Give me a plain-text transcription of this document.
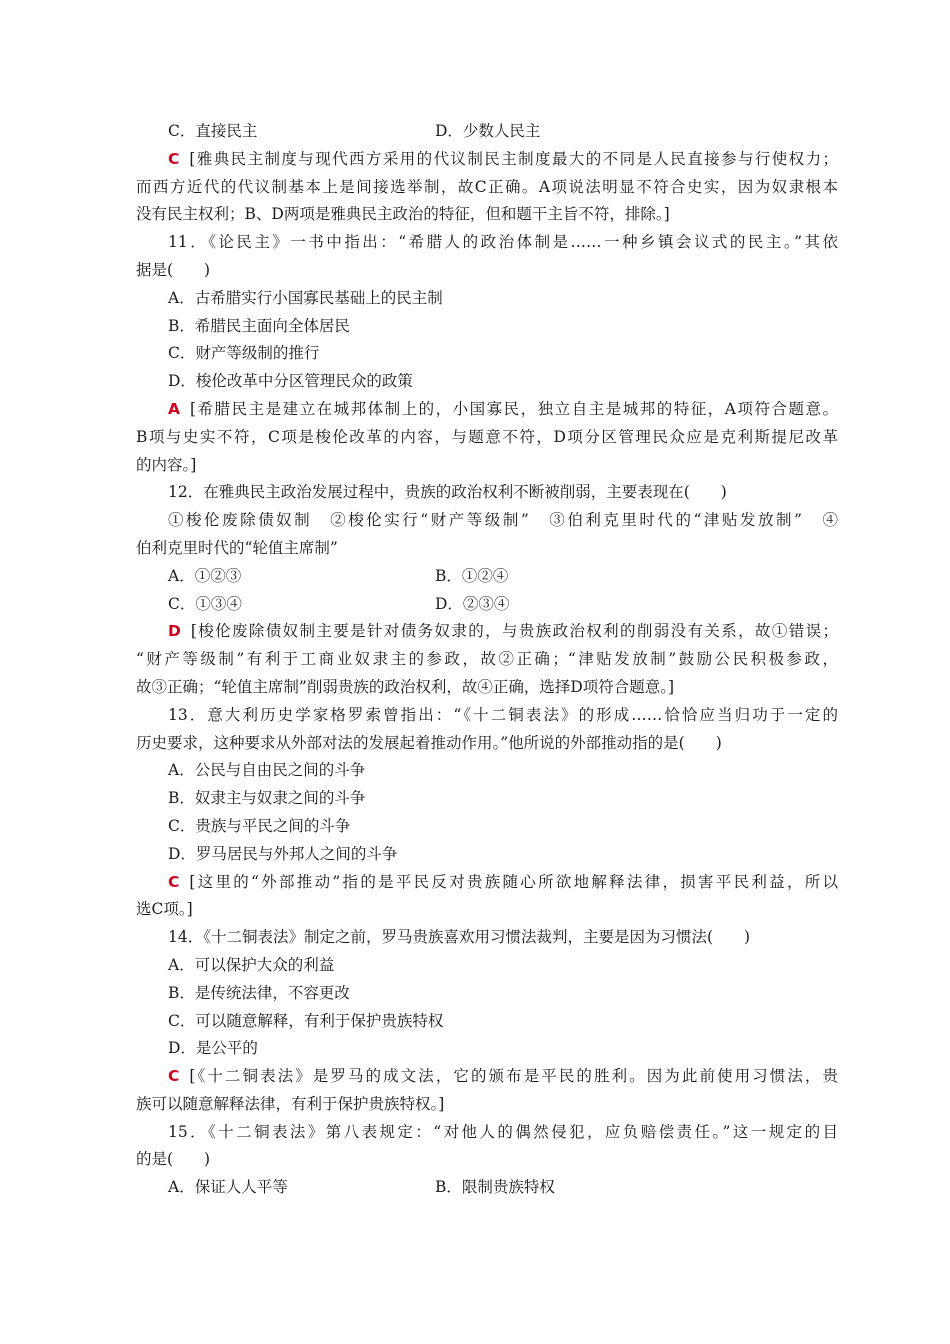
C．直接民主	D．少数人民主
C [雅典民主制度与现代西方采用的代议制民主制度最大的不同是人民直接参与行使权力；
而西方近代的代议制基本上是间接选举制，故C正确。A项说法明显不符合史实，因为奴隶根本
没有民主权利；B、D两项是雅典民主政治的特征，但和题干主旨不符，排除。]
11．《论民主》一书中指出：“希腊人的政治体制是……一种乡镇会议式的民主。”其依
据是(　　)
A．古希腊实行小国寡民基础上的民主制
B．希腊民主面向全体居民
C．财产等级制的推行
D．梭伦改革中分区管理民众的政策
A [希腊民主是建立在城邦体制上的，小国寡民，独立自主是城邦的特征，A项符合题意。
B项与史实不符，C项是梭伦改革的内容，与题意不符，D项分区管理民众应是克利斯提尼改革
的内容。]
12．在雅典民主政治发展过程中，贵族的政治权利不断被削弱，主要表现在(　　)
①梭伦废除债奴制　②梭伦实行“财产等级制”　③伯利克里时代的“津贴发放制”　④
伯利克里时代的“轮值主席制”
A．①②③	B．①②④
C．①③④	D．②③④
D [梭伦废除债奴制主要是针对债务奴隶的，与贵族政治权利的削弱没有关系，故①错误；
“财产等级制”有利于工商业奴隶主的参政，故②正确；“津贴发放制”鼓励公民积极参政，
故③正确；“轮值主席制”削弱贵族的政治权利，故④正确，选择D项符合题意。]
13．意大利历史学家格罗索曾指出：“《十二铜表法》的形成……恰恰应当归功于一定的
历史要求，这种要求从外部对法的发展起着推动作用。”他所说的外部推动指的是(　　)
A．公民与自由民之间的斗争
B．奴隶主与奴隶之间的斗争
C．贵族与平民之间的斗争
D．罗马居民与外邦人之间的斗争
C [这里的“外部推动”指的是平民反对贵族随心所欲地解释法律，损害平民利益，所以
选C项。]
14．《十二铜表法》制定之前，罗马贵族喜欢用习惯法裁判，主要是因为习惯法(　　)
A．可以保护大众的利益
B．是传统法律，不容更改
C．可以随意解释，有利于保护贵族特权
D．是公平的
C [《十二铜表法》是罗马的成文法，它的颁布是平民的胜利。因为此前使用习惯法，贵
族可以随意解释法律，有利于保护贵族特权。]
15．《十二铜表法》第八表规定：“对他人的偶然侵犯，应负赔偿责任。”这一规定的目
的是(　　)
A．保证人人平等	B．限制贵族特权
